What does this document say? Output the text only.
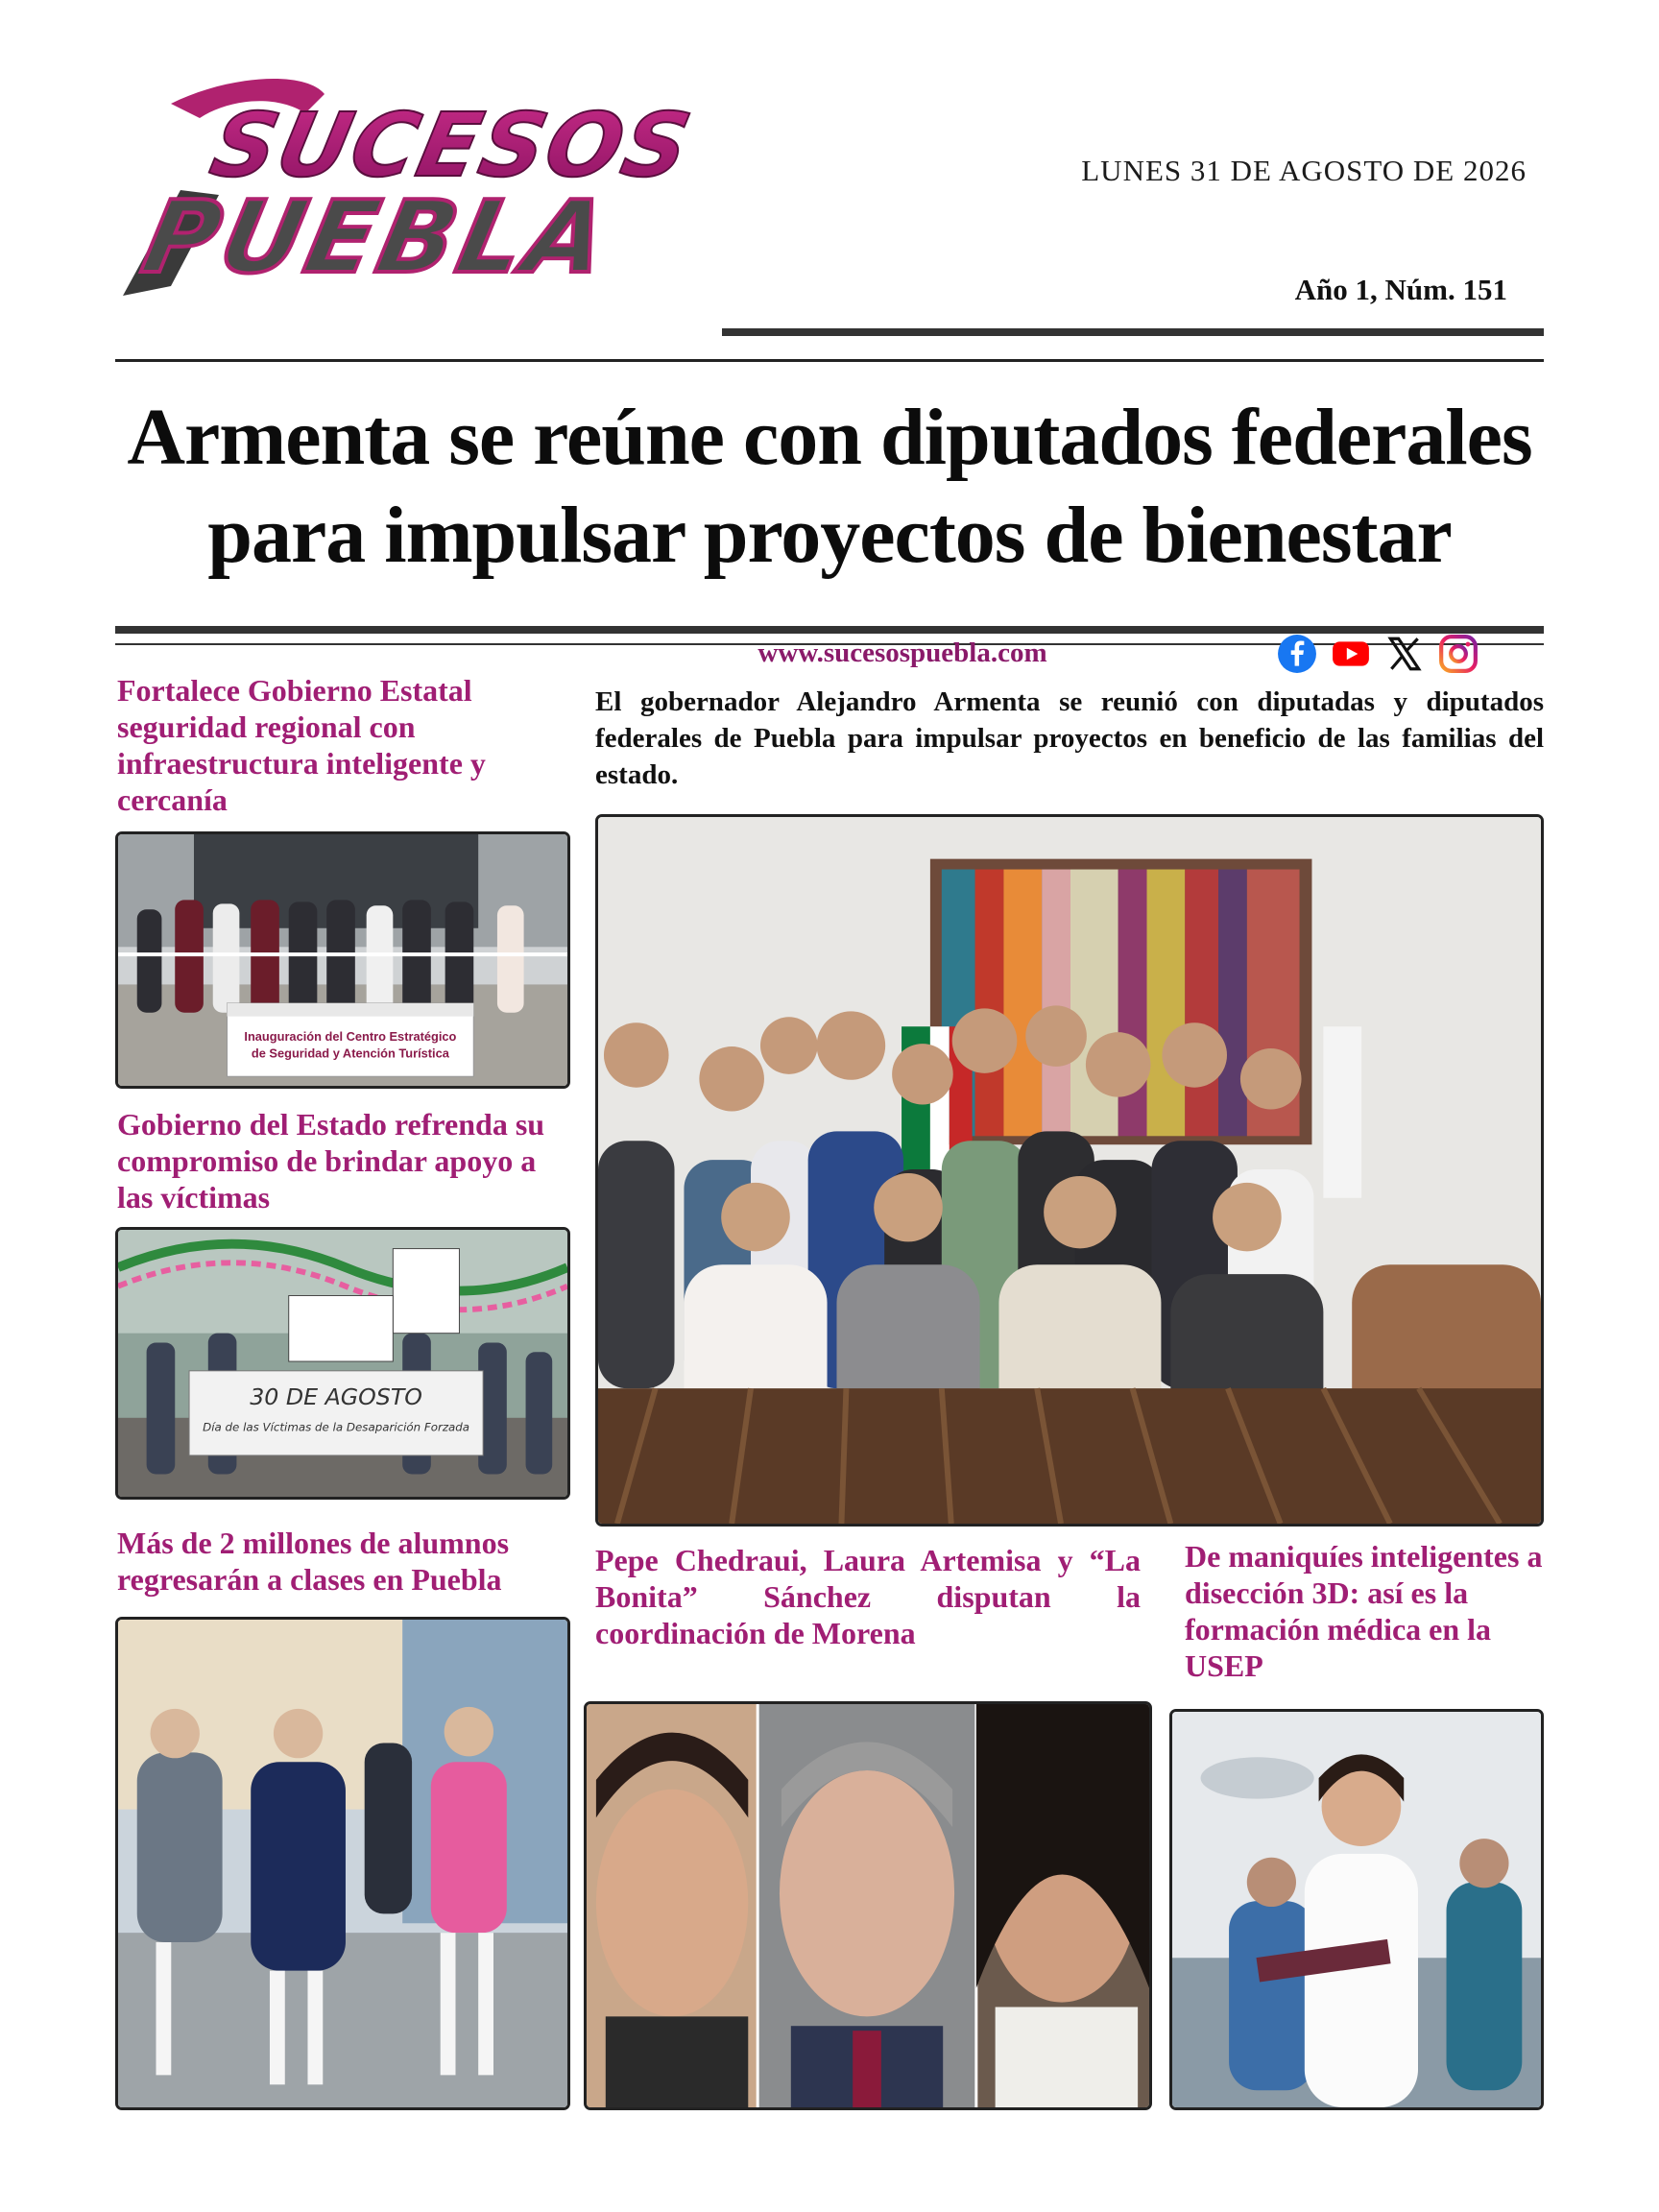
SUCESOS
PUEBLA
LUNES 31 DE AGOSTO DE 2026
Año 1, Núm. 151
Armenta se reúne con diputados federales para impulsar proyectos de bienestar
www.sucesospuebla.com
Fortalece Gobierno Estatal seguridad regional con infraestructura inteligente y cercanía
Inauguración del Centro Estratégico
de Seguridad y Atención Turística
Gobierno del Estado refrenda su compromiso de brindar apoyo a las víctimas
30 DE AGOSTO
Día de las Víctimas de la Desaparición Forzada
Más de 2 millones de alumnos regresarán a clases en Puebla

El gobernador Alejandro Armenta se reunió con diputadas y diputados federales de Puebla para impulsar proyectos en beneficio de las familias del estado.

Pepe Chedraui, Laura Artemisa y “La Bonita” Sánchez disputan la coordinación de Morena
De maniquíes inteligentes a disección 3D: así es la formación médica en la USEP
